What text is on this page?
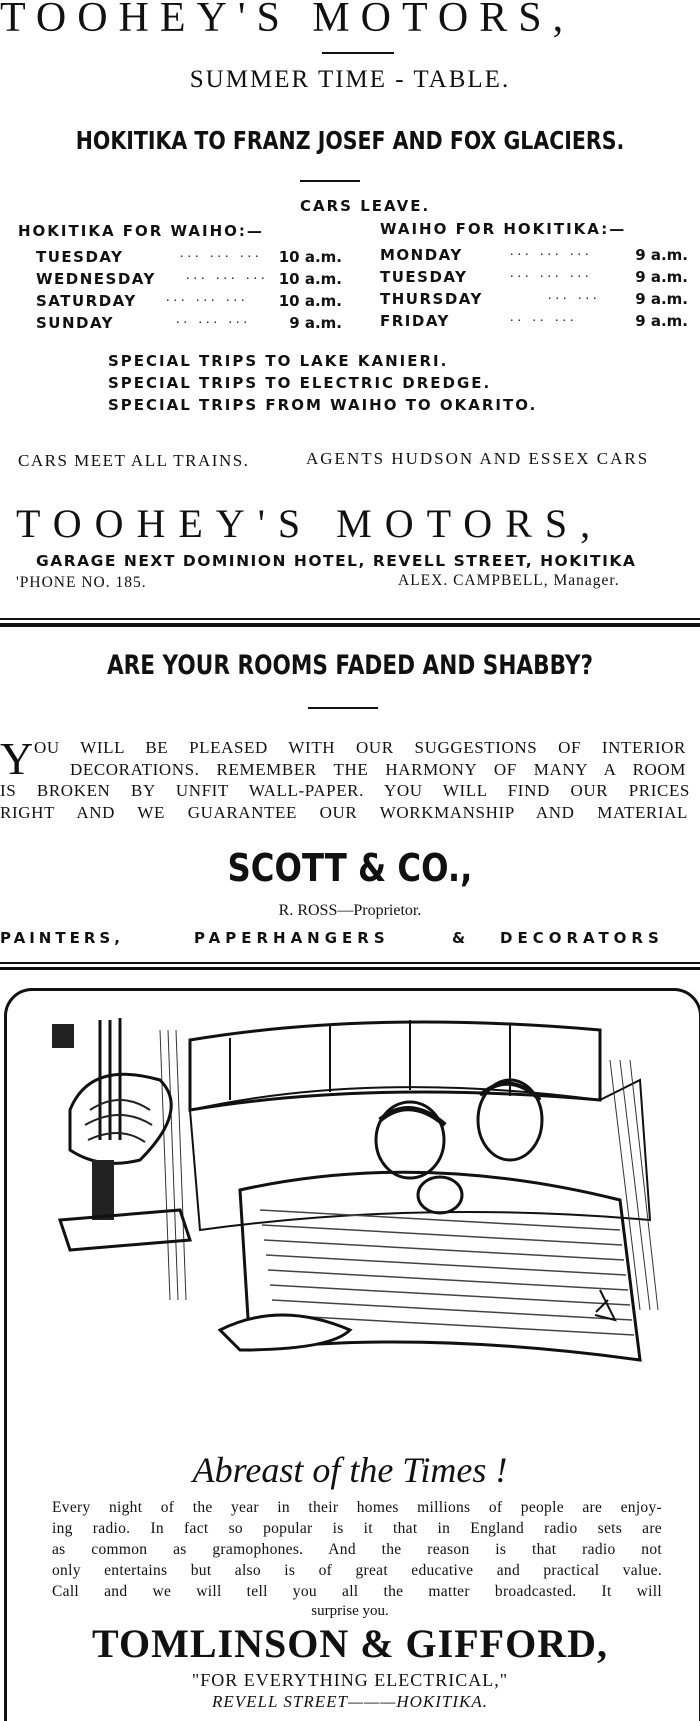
TOOHEY'S MOTORS,
SUMMER TIME - TABLE.
HOKITIKA TO FRANZ JOSEF AND FOX GLACIERS.
CARS LEAVE.
HOKITIKA FOR WAIHO:—	WAIHO FOR HOKITIKA:—
TUESDAY	... ... ...	10 a.m.
WEDNESDAY ... ... ... 10 a.m.
SATURDAY ... ... ...	10 a.m.
SUNDAY	.. ... ...	9 a.m.
MONDAY	... ... ...	9 a.m.
TUESDAY	... ... ...	9 a.m.
THURSDAY	... ...	9 a.m.
FRIDAY	.. .. ...	9 a.m.
SPECIAL TRIPS TO LAKE KANIERI.
SPECIAL TRIPS TO ELECTRIC DREDGE.
SPECIAL TRIPS FROM WAIHO TO OKARITO.
CARS MEET ALL TRAINS.	AGENTS HUDSON AND ESSEX CARS
TOOHEY'S MOTORS,
GARAGE NEXT DOMINION HOTEL, REVELL STREET, HOKITIKA
'PHONE NO. 185.	ALEX. CAMPBELL, Manager.
ARE YOUR ROOMS FADED AND SHABBY?
Y OU WILL BE PLEASED WITH OUR SUGGESTIONS OF INTERIOR
DECORATIONS. REMEMBER THE HARMONY OF MANY A ROOM
IS BROKEN BY UNFIT WALL-PAPER. YOU WILL FIND OUR PRICES
RIGHT AND WE GUARANTEE OUR WORKMANSHIP AND MATERIAL
SCOTT & CO.,
R. ROSS—Proprietor.
PAINTERS,	PAPERHANGERS	& DECORATORS
Abreast of the Times !
Every night of the year in their homes millions of people are enjoy-
ing radio. In fact so popular is it that in England radio sets are
as common as gramophones. And the reason is that radio not
only entertains but also is of great educative and practical value.
Call and we will tell you all the matter broadcasted. It will
surprise you.
TOMLINSON & GIFFORD,
"FOR EVERYTHING ELECTRICAL,"
REVELL STREET———HOKITIKA.
